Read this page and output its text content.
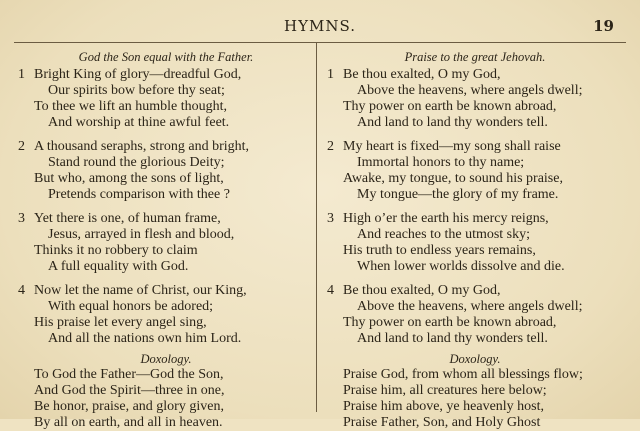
HYMNS.	19
God the Son equal with the Father.
1 Bright King of glory—dreadful God,
Our spirits bow before thy seat;
To thee we lift an humble thought,
And worship at thine awful feet.
2 A thousand seraphs, strong and bright,
Stand round the glorious Deity;
But who, among the sons of light,
Pretends comparison with thee ?
3 Yet there is one, of human frame,
Jesus, arrayed in flesh and blood,
Thinks it no robbery to claim
A full equality with God.
4 Now let the name of Christ, our King,
With equal honors be adored;
His praise let every angel sing,
And all the nations own him Lord.
Doxology.
To God the Father—God the Son,
And God the Spirit—three in one,
Be honor, praise, and glory given,
By all on earth, and all in heaven.
Praise to the great Jehovah.
1 Be thou exalted, O my God,
Above the heavens, where angels dwell;
Thy power on earth be known abroad,
And land to land thy wonders tell.
2 My heart is fixed—my song shall raise
Immortal honors to thy name;
Awake, my tongue, to sound his praise,
My tongue—the glory of my frame.
3 High o’er the earth his mercy reigns,
And reaches to the utmost sky;
His truth to endless years remains,
When lower worlds dissolve and die.
4 Be thou exalted, O my God,
Above the heavens, where angels dwell;
Thy power on earth be known abroad,
And land to land thy wonders tell.
Doxology.
Praise God, from whom all blessings flow;
Praise him, all creatures here below;
Praise him above, ye heavenly host,
Praise Father, Son, and Holy Ghost
